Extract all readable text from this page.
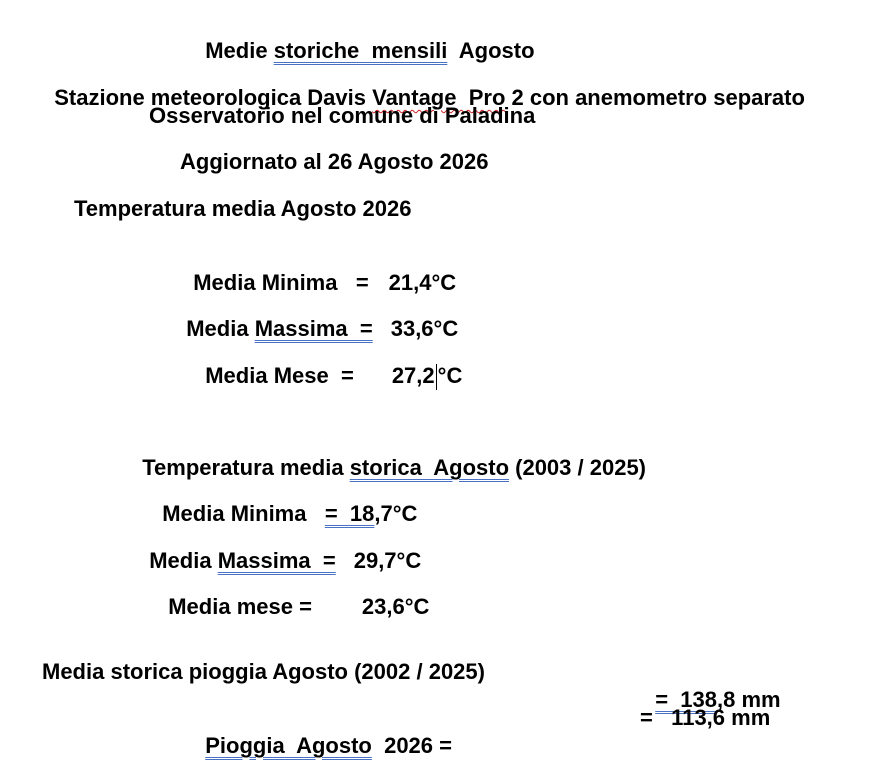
Medie storiche  mensili  Agosto

Stazione meteorologica Davis Vantage  Pro 2 con anemometro separato

Osservatorio nel comune di Paladina
Aggiornato al 26 Agosto 2026
Temperatura media Agosto 2026

Media Minima   = 21,4°C

Media Massima  = 33,6°C

Media Mese  = 27,2 °C

Temperatura media storica  Agosto (2003 / 2025)

Media Minima   =  18,7°C

Media Massima  = 29,7°C

Media mese = 23,6°C

Media storica pioggia Agosto (2002 / 2025)

=  138,8 mm

Pioggia  Agosto  2026 =

=   113,6 mm
